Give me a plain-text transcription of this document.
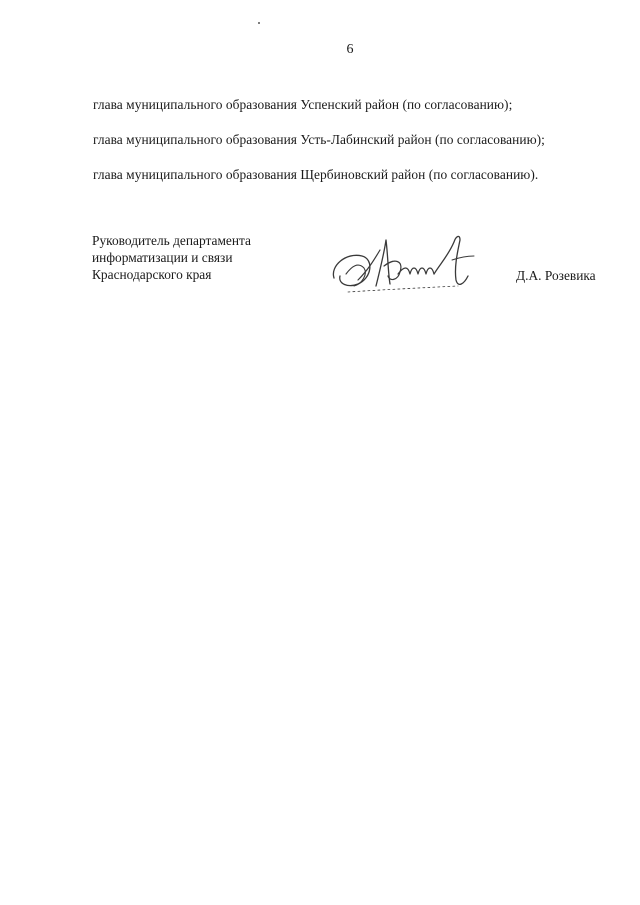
6
глава муниципального образования Успенский район (по согласованию);
глава муниципального образования Усть-Лабинский район (по согласованию);
глава муниципального образования Щербиновский район (по согласованию).
Руководитель департамента
информатизации и связи
Краснодарского края	Д.А. Розевика
